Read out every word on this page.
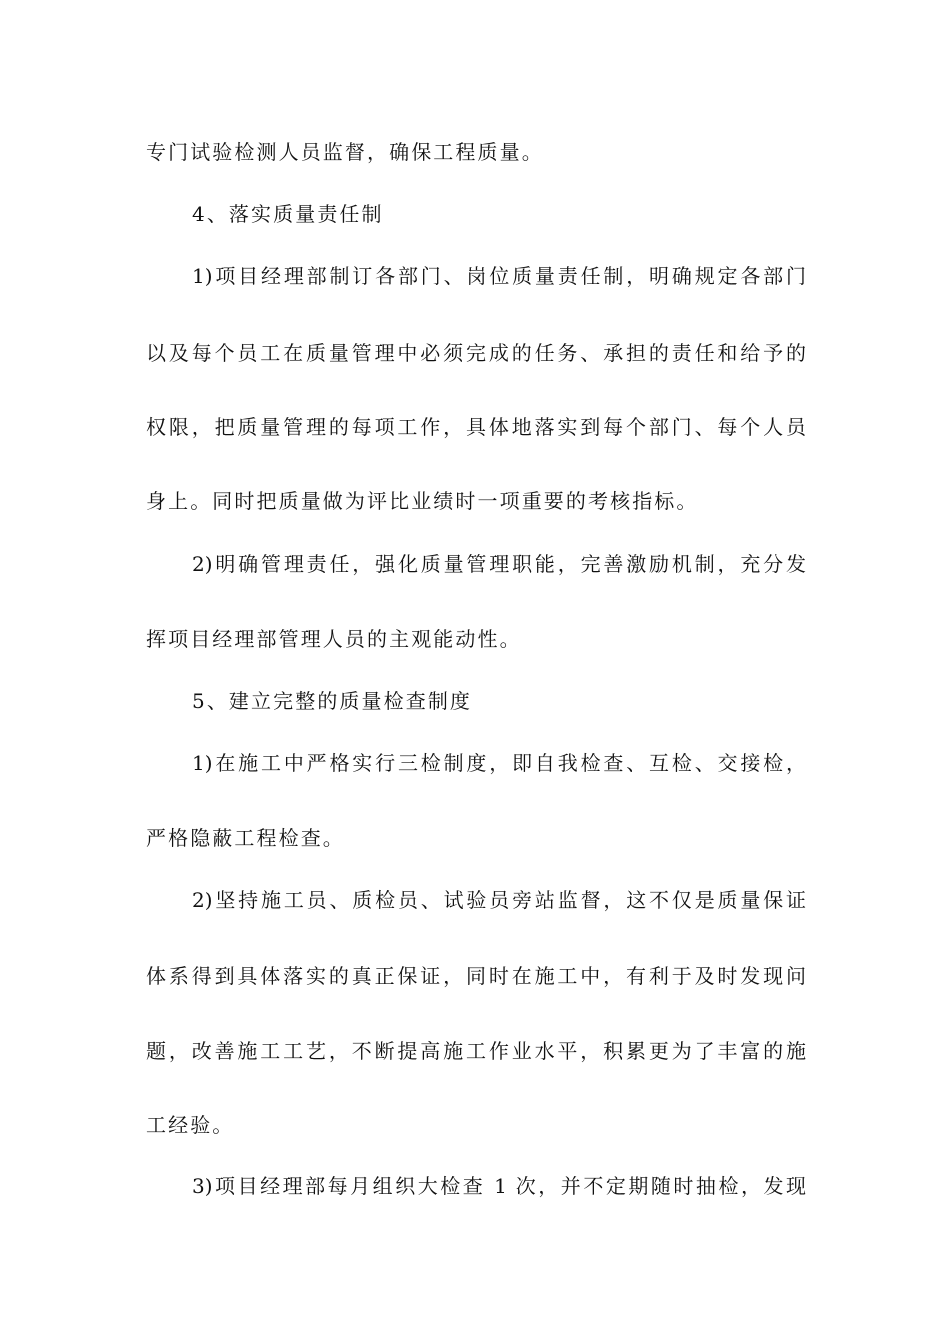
专门试验检测人员监督，确保工程质量。
4、落实质量责任制
1)项目经理部制订各部门、岗位质量责任制，明确规定各部门
以及每个员工在质量管理中必须完成的任务、承担的责任和给予的
权限，把质量管理的每项工作，具体地落实到每个部门、每个人员
身上。同时把质量做为评比业绩时一项重要的考核指标。
2)明确管理责任，强化质量管理职能，完善激励机制，充分发
挥项目经理部管理人员的主观能动性。
5、建立完整的质量检查制度
1)在施工中严格实行三检制度，即自我检查、互检、交接检，
严格隐蔽工程检查。
2)坚持施工员、质检员、试验员旁站监督，这不仅是质量保证
体系得到具体落实的真正保证，同时在施工中，有利于及时发现问
题，改善施工工艺，不断提高施工作业水平，积累更为了丰富的施
工经验。
3)项目经理部每月组织大检查 1 次，并不定期随时抽检，发现
